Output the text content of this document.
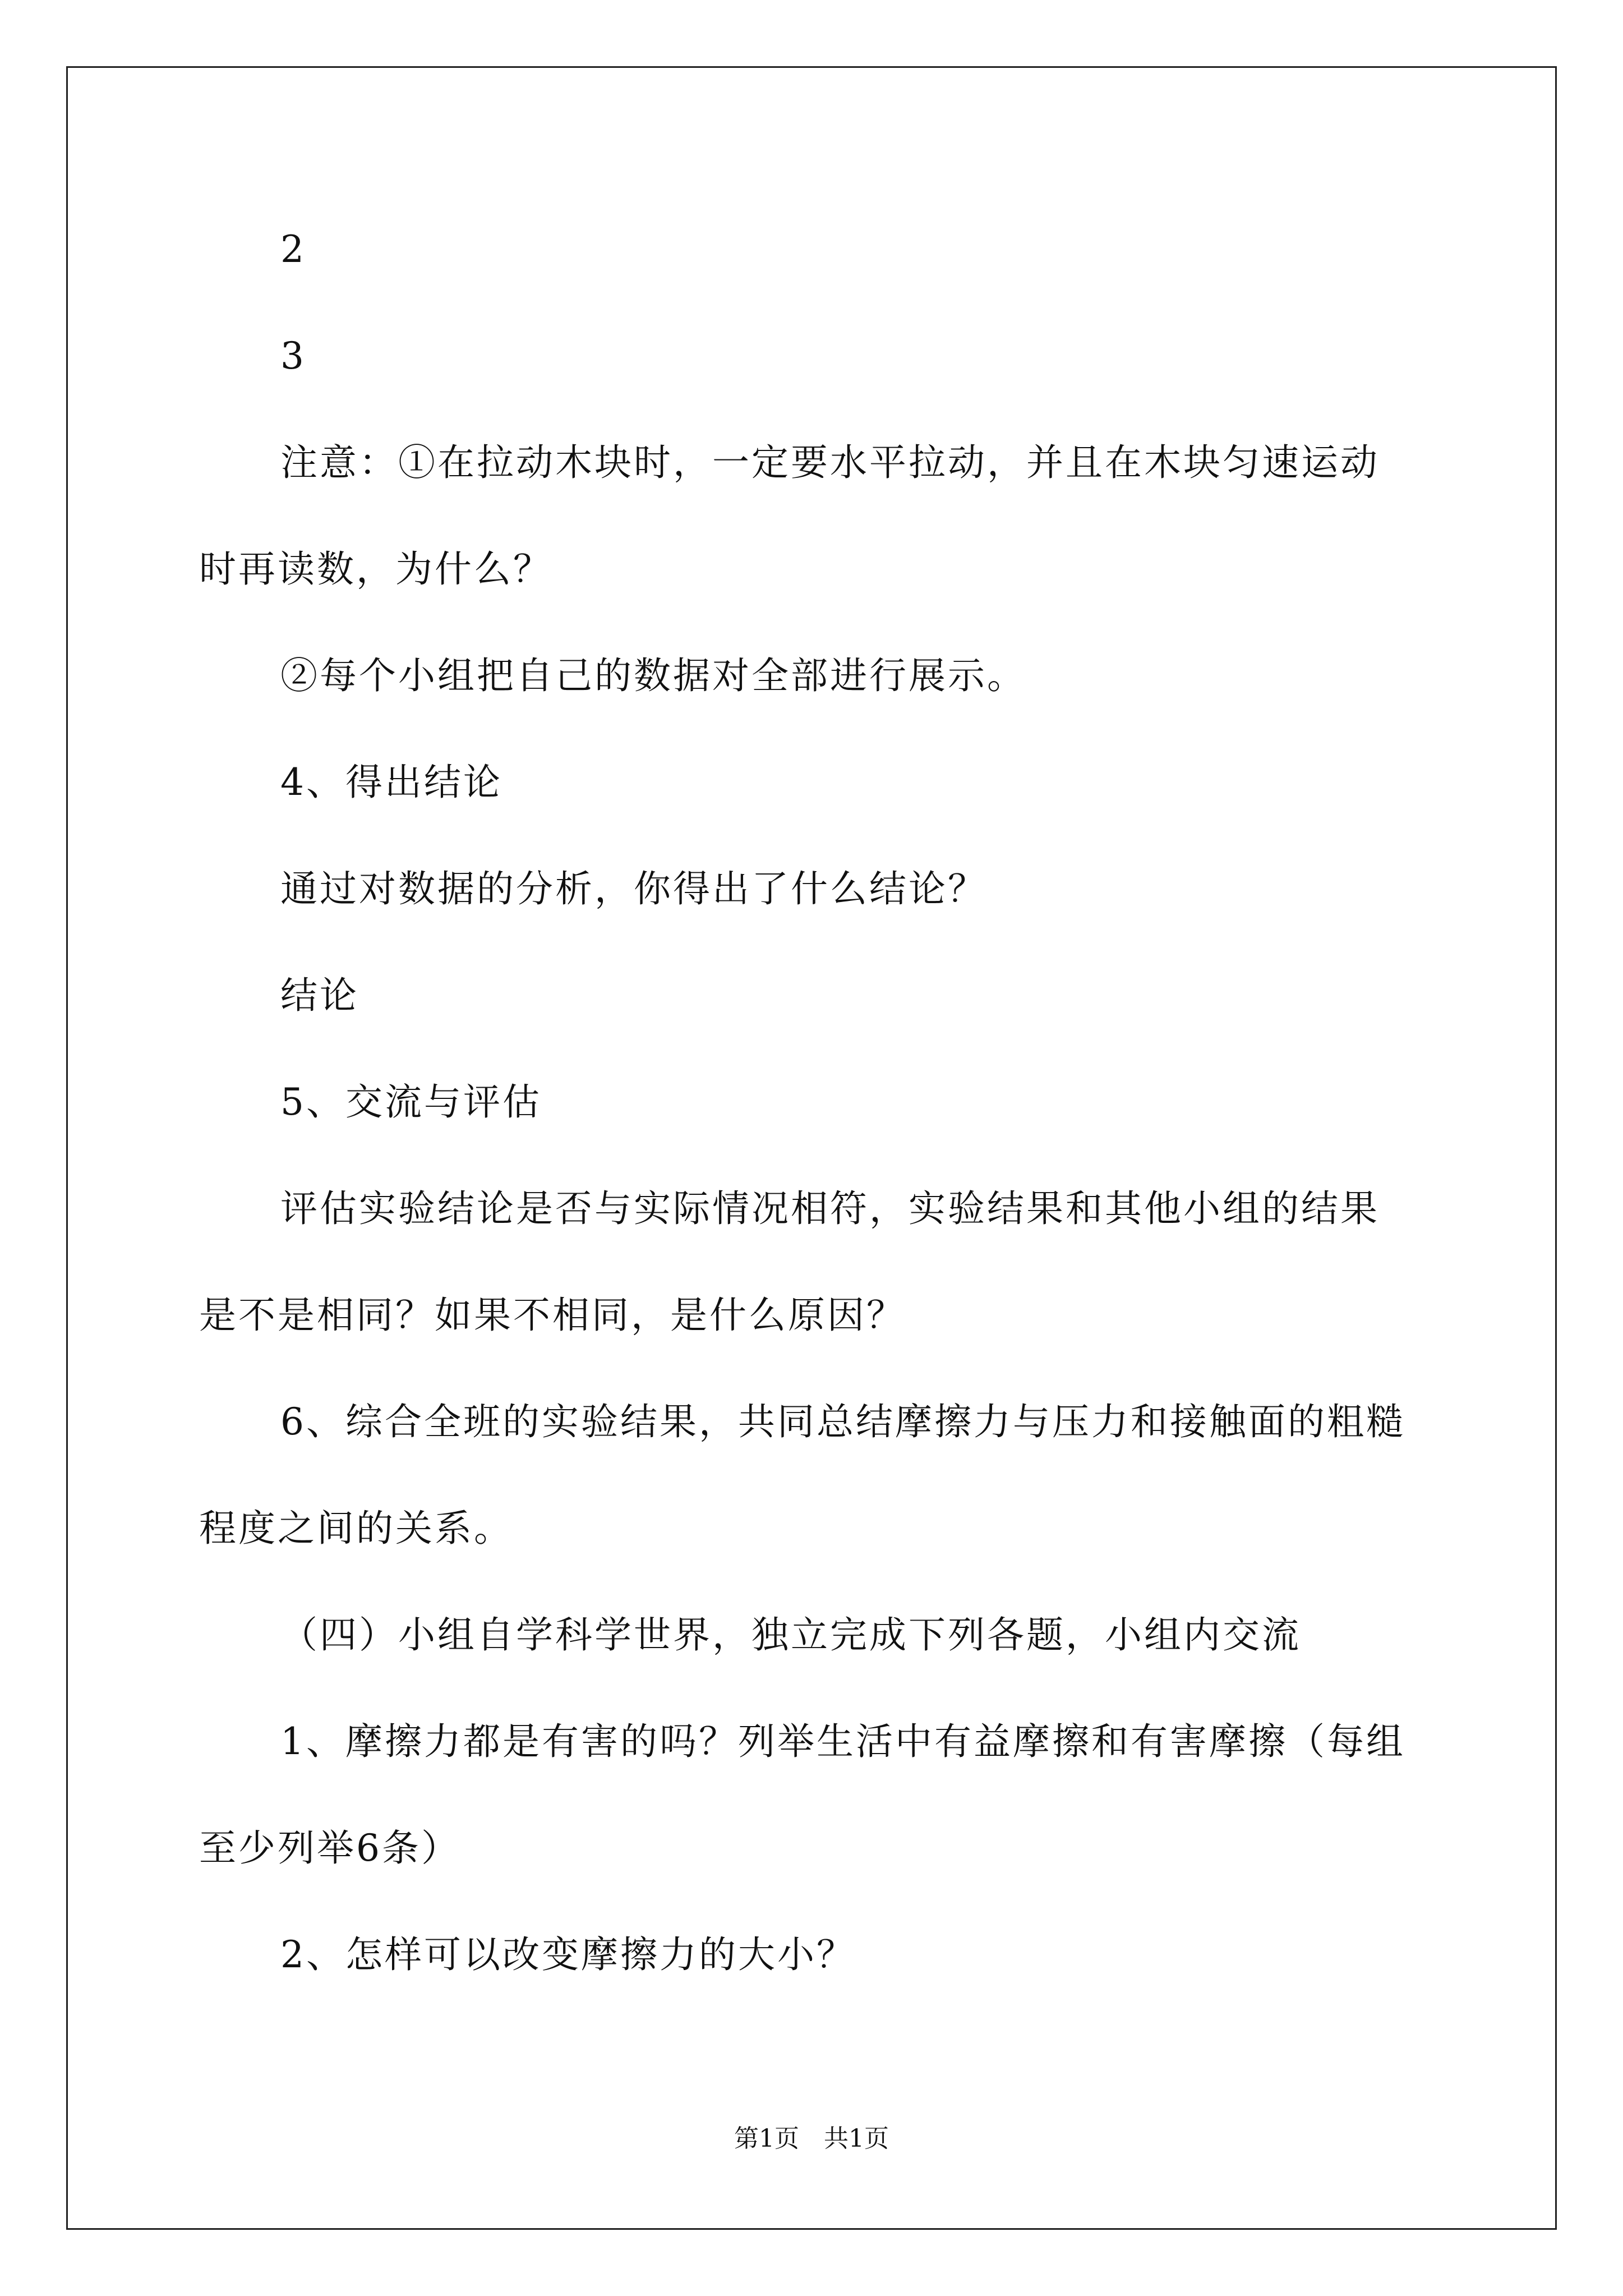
2
3
注意：①在拉动木块时，一定要水平拉动，并且在木块匀速运动
时再读数，为什么？
②每个小组把自己的数据对全部进行展示。
4、得出结论
通过对数据的分析，你得出了什么结论？
结论
5、交流与评估
评估实验结论是否与实际情况相符，实验结果和其他小组的结果
是不是相同？如果不相同，是什么原因？
6、综合全班的实验结果，共同总结摩擦力与压力和接触面的粗糙
程度之间的关系。
（四）小组自学科学世界，独立完成下列各题，小组内交流
1、摩擦力都是有害的吗？列举生活中有益摩擦和有害摩擦（每组
至少列举6条）
2、怎样可以改变摩擦力的大小？
第1页　共1页
